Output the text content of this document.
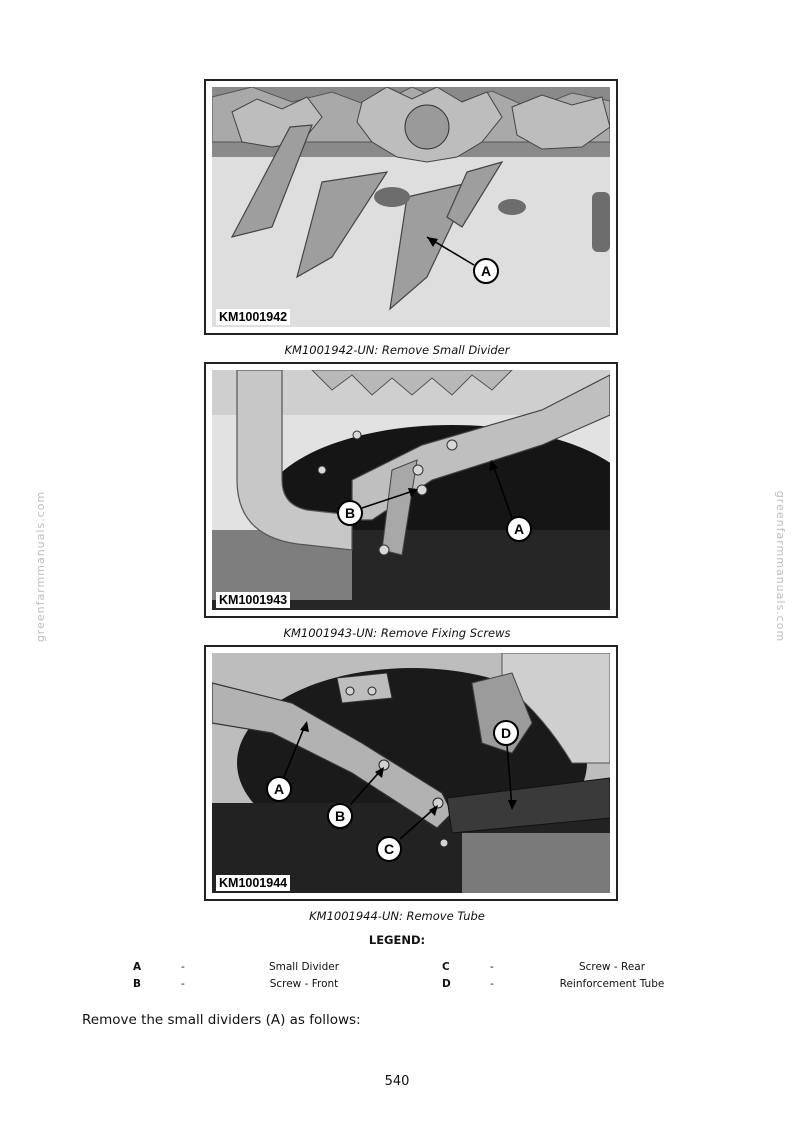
greenfarmmanuals.com	greenfarmmanuals.com
A
KM1001942
KM1001942-UN: Remove Small Divider
B
A
KM1001943
KM1001943-UN: Remove Fixing Screws
A
B
C
D
KM1001944
KM1001944-UN: Remove Tube
LEGEND:
A	-	Small Divider	C	-	Screw - Rear
B	-	Screw - Front	D	-	Reinforcement Tube
Remove the small dividers (A) as follows:
540
